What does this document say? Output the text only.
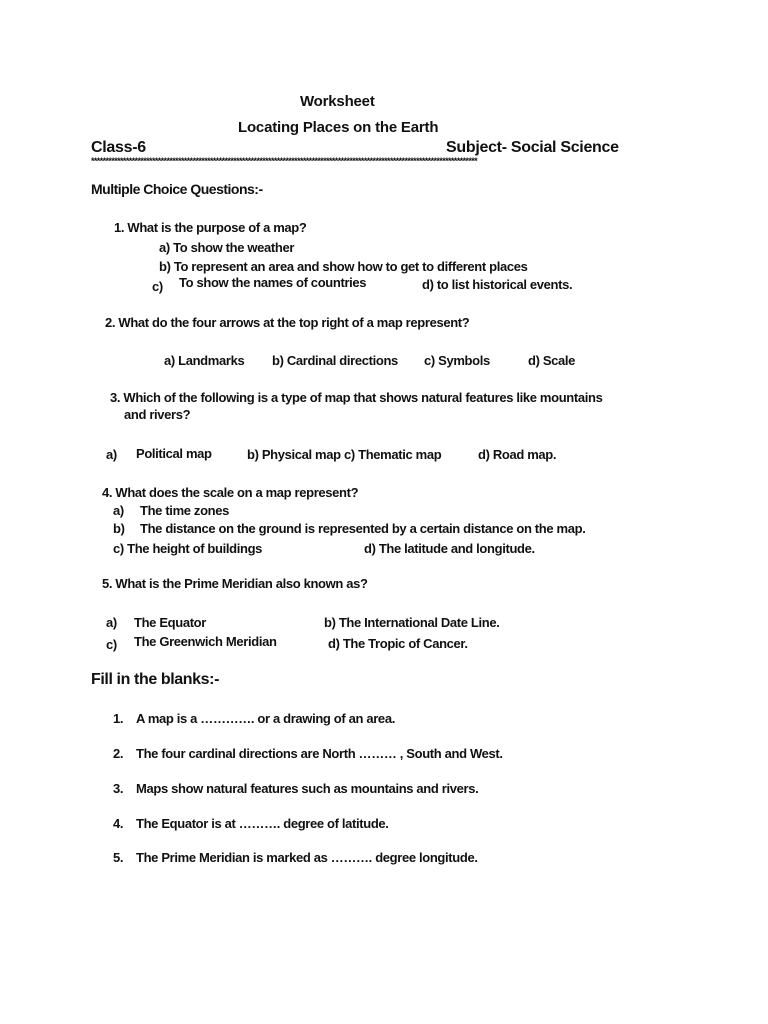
Worksheet
Locating Places on the Earth
Class-6	Subject- Social Science
*************************************************************************************************************************************
Multiple Choice Questions:-
1. What is the purpose of a map?
a) To show the weather
b) To represent an area and show how to get to different places
c) To show the names of countries	d) to list historical events.
2. What do the four arrows at the top right of a map represent?
a) Landmarks b) Cardinal directions c) Symbols	d) Scale
3. Which of the following is a type of map that shows natural features like mountains
and rivers?
a) Political map	b) Physical map c) Thematic map	d) Road map.
4. What does the scale on a map represent?
a) The time zones
b) The distance on the ground is represented by a certain distance on the map.
c) The height of buildings	d) The latitude and longitude.
5. What is the Prime Meridian also known as?
a) The Equator	b) The International Date Line.
c) The Greenwich Meridian	d) The Tropic of Cancer.
Fill in the blanks:-
1. A map is a …………. or a drawing of an area.
2. The four cardinal directions are North ……… , South and West.
3. Maps show natural features such as mountains and rivers.
4. The Equator is at ………. degree of latitude.
5. The Prime Meridian is marked as ………. degree longitude.
